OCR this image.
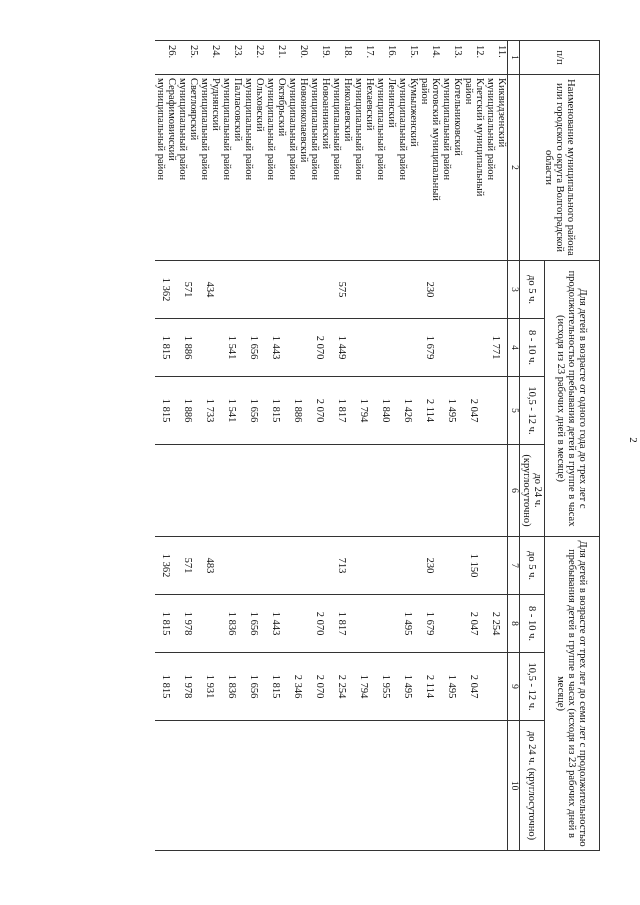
2
п/п	Наименование муниципального района или городского округа Волгоградской области	Для детей в возрасте от одного года до трех лет с продолжительностью пребывания детей в группе в часах (исходя из 23 рабочих дней в месяце)				Для детей в возрасте от трех лет до семи лет с продолжительностью пребывания детей в группе в часах (исходя из 23 рабочих дней в месяце)			
		до 5 ч.	8 - 10 ч.	10,5 - 12 ч.	до 24 ч. (круглосуточно)	до 5 ч.	8 - 10 ч.	10,5 - 12 ч.	до 24 ч. (круглосуточно)
1	2	3	4	5	6	7	8	9	10
11.	Киквидзенский
муниципальный район		1 771				2 254		
12.	Клетский муниципальный
район			2 047		1 150	2 047	2 047	
13.	Котельниковский
муниципальный район			1 495				1 495	
14.	Котовский муниципальный
район	230	1 679	2 114		230	1 679	2 114	
15.	Кумылженский
муниципальный район			1 426			1 495	1 495	
16.	Ленинский
муниципальный район			1 840				1 955	
17.	Нехаевский
муниципальный район			1 794				1 794	
18.	Николаевский
муниципальный район	575	1 449	1 817		713	1 817	2 254	
19.	Новоаннинский
муниципальный район		2 070	2 070			2 070	2 070	
20.	Новониколаевский
муниципальный район			1 886				2 346	
21.	Октябрьский
муниципальный район		1 443	1 815			1 443	1 815	
22.	Ольховский
муниципальный район		1 656	1 656			1 656	1 656	
23.	Палласовский
муниципальный район		1 541	1 541			1 836	1 836	
24.	Руднянский
муниципальный район	434		1 733		483		1 931	
25.	Светлоярский
муниципальный район	571	1 886	1 886		571	1 978	1 978	
26.	Серафимовичский
муниципальный район	1 362	1 815	1 815		1 362	1 815	1 815	
